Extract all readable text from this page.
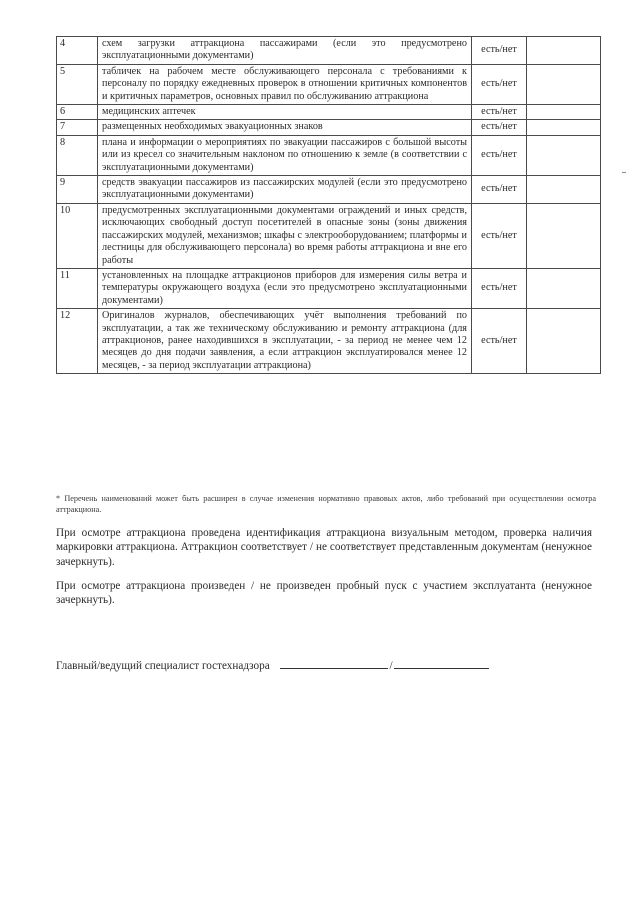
4	схем загрузки аттракциона пассажирами (если это предусмотрено эксплуатационными документами)	есть/нет	
5	табличек на рабочем месте обслуживающего персонала с требованиями к персоналу по порядку ежедневных проверок в отношении критичных компонентов и критичных параметров, основных правил по обслуживанию аттракциона	есть/нет	
6	медицинских аптечек	есть/нет	
7	размещенных необходимых эвакуационных знаков	есть/нет	
8	плана и информации о мероприятиях по эвакуации пассажиров с большой высоты или из кресел со значительным наклоном по отношению к земле (в соответствии с эксплуатационными документами)	есть/нет	
9	средств эвакуации пассажиров из пассажирских модулей (если это предусмотрено эксплуатационными документами)	есть/нет	
10	предусмотренных эксплуатационными документами ограждений и иных средств, исключающих свободный доступ посетителей в опасные зоны (зоны движения пассажирских модулей, механизмов; шкафы с электрооборудованием; платформы и лестницы для обслуживающего персонала) во время работы аттракциона и вне его работы	есть/нет	
11	установленных на площадке аттракционов приборов для измерения силы ветра и температуры окружающего воздуха (если это предусмотрено эксплуатационными документами)	есть/нет	
12	Оригиналов журналов, обеспечивающих учёт выполнения требований по эксплуатации, а так же техническому обслуживанию и ремонту аттракциона (для аттракционов, ранее находившихся в эксплуатации, - за период не менее чем 12 месяцев до дня подачи заявления, а если аттракцион эксплуатировался менее 12 месяцев, - за период эксплуатации аттракциона)	есть/нет	
* Перечень наименований может быть расширен в случае изменения нормативно правовых актов, либо требований при осуществлении осмотра аттракциона.
При осмотре аттракциона проведена идентификация аттракциона визуальным методом, проверка наличия маркировки аттракциона. Аттракцион соответствует / не соответствует представленным документам (ненужное зачеркнуть).
При осмотре аттракциона произведен / не произведен пробный пуск с участием эксплуатанта (ненужное зачеркнуть).
Главный/ведущий специалист гостехнадзора	/
